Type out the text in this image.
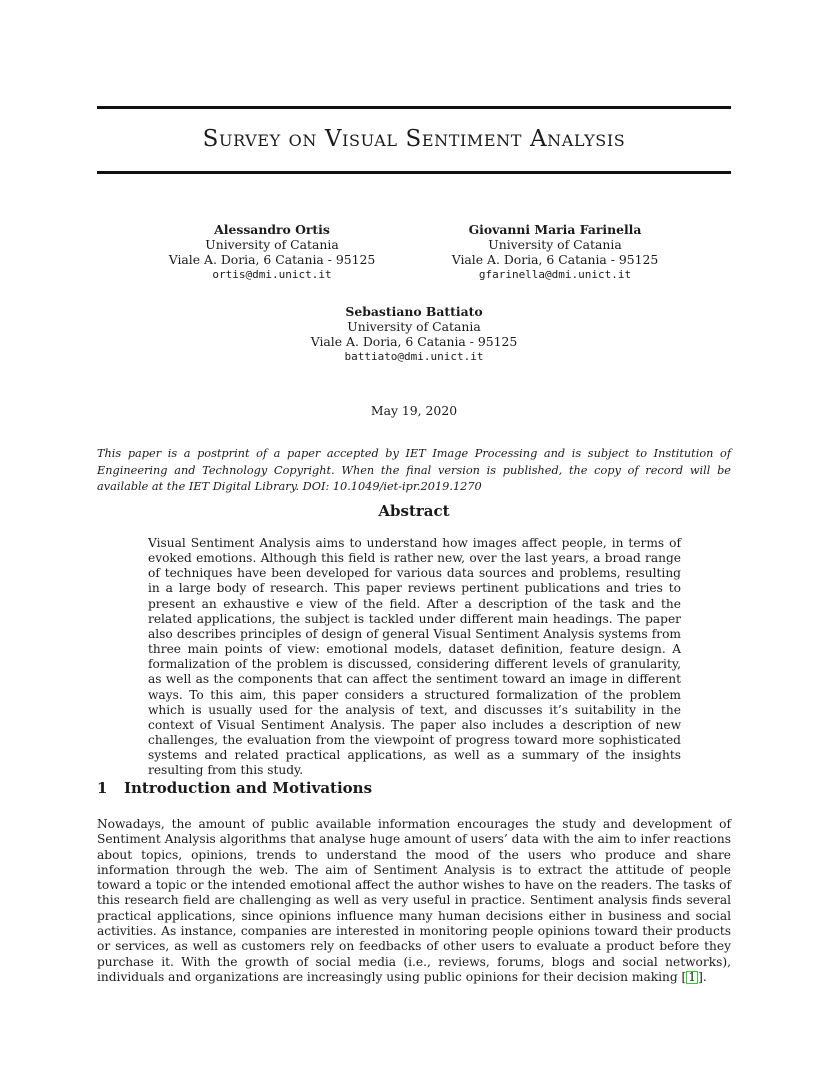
Survey on Visual Sentiment Analysis
Alessandro Ortis
University of Catania
Viale A. Doria, 6 Catania - 95125
ortis@dmi.unict.it
Giovanni Maria Farinella
University of Catania
Viale A. Doria, 6 Catania - 95125
gfarinella@dmi.unict.it
Sebastiano Battiato
University of Catania
Viale A. Doria, 6 Catania - 95125
battiato@dmi.unict.it
May 19, 2020

This paper is a postprint of a paper accepted by IET Image Processing and is subject to Institution of Engineering and Technology Copyright. When the final version is published, the copy of record will be available at the IET Digital Library. DOI: 10.1049/iet-ipr.2019.1270

Abstract

Visual Sentiment Analysis aims to understand how images affect people, in terms of evoked emotions. Although this field is rather new, over the last years, a broad range of techniques have been developed for various data sources and problems, resulting in a large body of research. This paper reviews pertinent publications and tries to present an exhaustive e view of the field. After a description of the task and the related applications, the subject is tackled under different main headings. The paper also describes principles of design of general Visual Sentiment Analysis systems from three main points of view: emotional models, dataset definition, feature design. A formalization of the problem is discussed, considering different levels of granularity, as well as the components that can affect the sentiment toward an image in different ways. To this aim, this paper considers a structured formalization of the problem which is usually used for the analysis of text, and discusses it’s suitability in the context of Visual Sentiment Analysis. The paper also includes a description of new challenges, the evaluation from the viewpoint of progress toward more sophisticated systems and related practical applications, as well as a summary of the insights resulting from this study.

1 Introduction and Motivations

Nowadays, the amount of public available information encourages the study and development of Sentiment Analysis algorithms that analyse huge amount of users’ data with the aim to infer reactions about topics, opinions, trends to understand the mood of the users who produce and share information through the web. The aim of Sentiment Analysis is to extract the attitude of people toward a topic or the intended emotional affect the author wishes to have on the readers. The tasks of this research field are challenging as well as very useful in practice. Sentiment analysis finds several practical applications, since opinions influence many human decisions either in business and social activities. As instance, companies are interested in monitoring people opinions toward their products or services, as well as customers rely on feedbacks of other users to evaluate a product before they purchase it. With the growth of social media (i.e., reviews, forums, blogs and social networks), individuals and organizations are increasingly using public opinions for their decision making [ 1 ].
